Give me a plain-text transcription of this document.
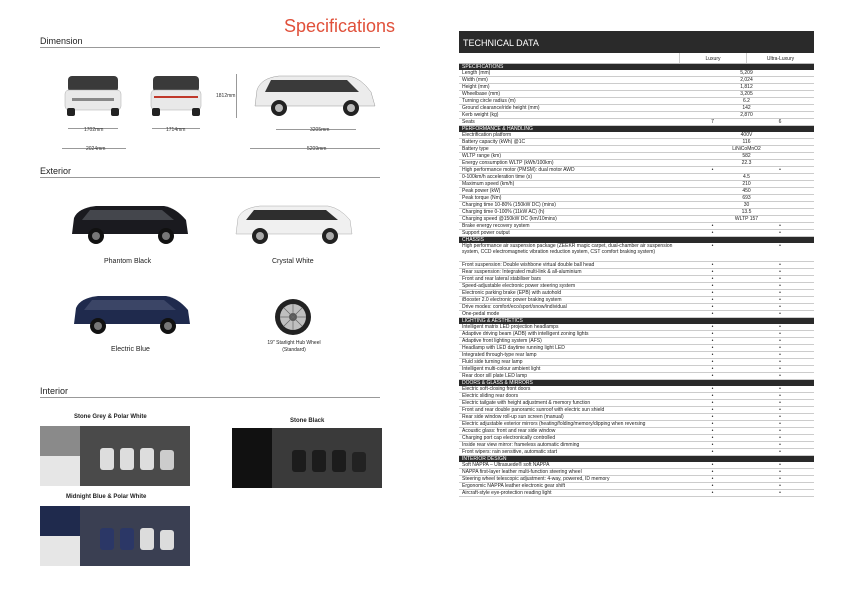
Specifications
Dimension
1812mm
1702mm	1714mm	3205mm
2024mm	5209mm
Exterior
Phantom Black	Crystal White
Electric Blue
19" Starlight Hub Wheel
(Standard)
Interior
Stone Grey & Polar White
Stone Black
Midnight Blue & Polar White
TECHNICAL DATA
Luxury	Ultra-Luxury
SPECIFICATIONS
Length (mm)	5,209
Width (mm)	2,024
Height (mm)	1,812
Wheelbase (mm)	3,205
Turning circle radius (m)	6.2
Ground clearance/ride height (mm)	142
Kerb weight (kg)	2,870
Seats	7	6
PERFORMANCE & HANDLING
Electrification platform	400V
Battery capacity (kWh) @1C	116
Battery type	LiNiCoMnO2
WLTP range (km)	582
Energy consumption WLTP (kWh/100km)	22.3
High performance motor (PMSM): dual motor AWD	•	•
0-100km/h acceleration time (s)	4.5
Maximum speed (km/h)	210
Peak power (kW)	450
Peak torque (Nm)	693
Charging time 10-80% (150kW DC) (mins)	30
Charging time 0-100% (11kW AC) (h)	13.5
Charging speed @150kW DC (km/10mins)	WLTP 157
Brake energy recovery system	•	•
Support power output	•	•
CHASSIS
High performance air suspension package (ZEEKR magic carpet, dual-chamber air suspension system, CCD electromagnetic vibration reduction system, CST comfort braking system)
•	•
Front suspension: Double wishbone virtual double ball head	•	•
Rear suspension: Integrated multi-link & all-aluminium	•	•
Front and rear lateral stabiliser bars	•	•
Speed-adjustable electronic power steering system	•	•
Electronic parking brake (EPB) with autohold	•	•
iBooster 2.0 electronic power braking system	•	•
Drive modes: comfort/eco/sport/snow/individual	•	•
One-pedal mode	•	•
LIGHTING & AESTHETICS
Intelligent matrix LED projection headlamps	•	•
Adaptive driving beam (ADB) with intelligent zoning lights	•	•
Adaptive front lighting system (AFS)	•	•
Headlamp with LED daytime running light LED	•	•
Integrated through-type rear lamp	•	•
Fluid side turning rear lamp	•	•
Intelligent multi-colour ambient light	•	•
Rear door sill plate LED lamp	•	•
DOORS & GLASS & MIRRORS
Electric soft-closing front doors	•	•
Electric sliding rear doors	•	•
Electric tailgate with height adjustment & memory function	•	•
Front and rear double panoramic sunroof with electric sun shield	•	•
Rear side window roll-up sun screen (manual)	•	•
Electric adjustable exterior mirrors (heating/folding/memory/dipping when reversing	•	•
Acoustic glass: front and rear side window	•	•
Charging port cap electronically controlled	•	•
Inside rear view mirror: frameless automatic dimming	•	•
Front wipers: rain sensitive, automatic start	•	•
INTERIOR DESIGN
Soft NAPPA – Ultrasuede® soft NAPPA	•	•
NAPPA first-layer leather multi-function steering wheel	•	•
Steering wheel telescopic adjustment: 4-way, powered, ID memory	•	•
Ergonomic NAPPA leather electronic gear shift	•	•
Aircraft-style eye-protection reading light	•	•
